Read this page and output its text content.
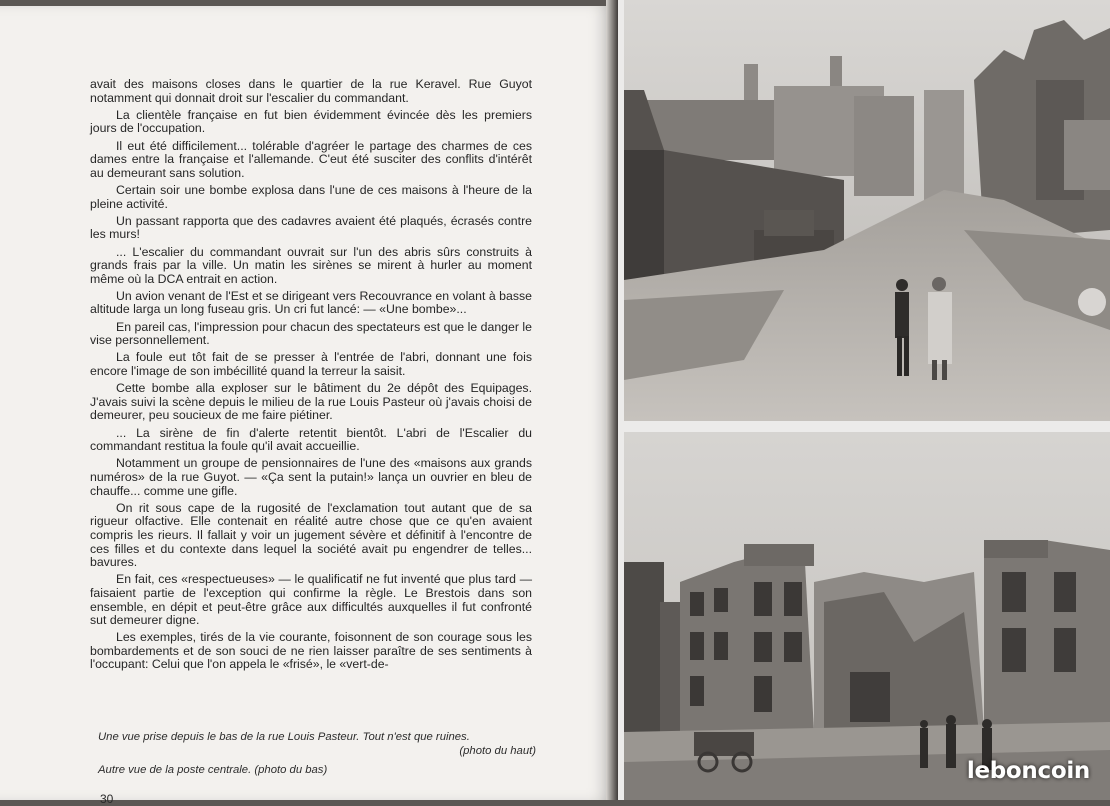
avait des maisons closes dans le quartier de la rue Keravel. Rue Guyot notamment qui donnait droit sur l'escalier du commandant.

La clientèle française en fut bien évidemment évincée dès les premiers jours de l'occupation.

Il eut été difficilement... tolérable d'agréer le partage des charmes de ces dames entre la française et l'allemande. C'eut été susciter des conflits d'intérêt au demeurant sans solution.

Certain soir une bombe explosa dans l'une de ces maisons à l'heure de la pleine activité.

Un passant rapporta que des cadavres avaient été plaqués, écrasés contre les murs!

... L'escalier du commandant ouvrait sur l'un des abris sûrs construits à grands frais par la ville. Un matin les sirènes se mirent à hurler au moment même où la DCA entrait en action.

Un avion venant de l'Est et se dirigeant vers Recouvrance en volant à basse altitude larga un long fuseau gris. Un cri fut lancé: — «Une bombe»...

En pareil cas, l'impression pour chacun des spectateurs est que le danger le vise personnellement.

La foule eut tôt fait de se presser à l'entrée de l'abri, donnant une fois encore l'image de son imbécillité quand la terreur la saisit.

Cette bombe alla exploser sur le bâtiment du 2e dépôt des Equipages. J'avais suivi la scène depuis le milieu de la rue Louis Pasteur où j'avais choisi de demeurer, peu soucieux de me faire piétiner.

... La sirène de fin d'alerte retentit bientôt. L'abri de l'Escalier du commandant restitua la foule qu'il avait accueillie.

Notamment un groupe de pensionnaires de l'une des «maisons aux grands numéros» de la rue Guyot. — «Ça sent la putain!» lança un ouvrier en bleu de chauffe... comme une gifle.

On rit sous cape de la rugosité de l'exclamation tout autant que de sa rigueur olfactive. Elle contenait en réalité autre chose que ce qu'en avaient compris les rieurs. Il fallait y voir un jugement sévère et définitif à l'encontre de ces filles et du contexte dans lequel la société avait pu engendrer de telles... bavures.

En fait, ces «respectueuses» — le qualificatif ne fut inventé que plus tard — faisaient partie de l'exception qui confirme la règle. Le Brestois dans son ensemble, en dépit et peut-être grâce aux difficultés auxquelles il fut confronté sut demeurer digne.

Les exemples, tirés de la vie courante, foisonnent de son courage sous les bombardements et de son souci de ne rien laisser paraître de ses sentiments à l'occupant: Celui que l'on appela le «frisé», le «vert-de-

Une vue prise depuis le bas de la rue Louis Pasteur. Tout n'est que ruines.
(photo du haut)
Autre vue de la poste centrale. (photo du bas)
30
leboncoin
